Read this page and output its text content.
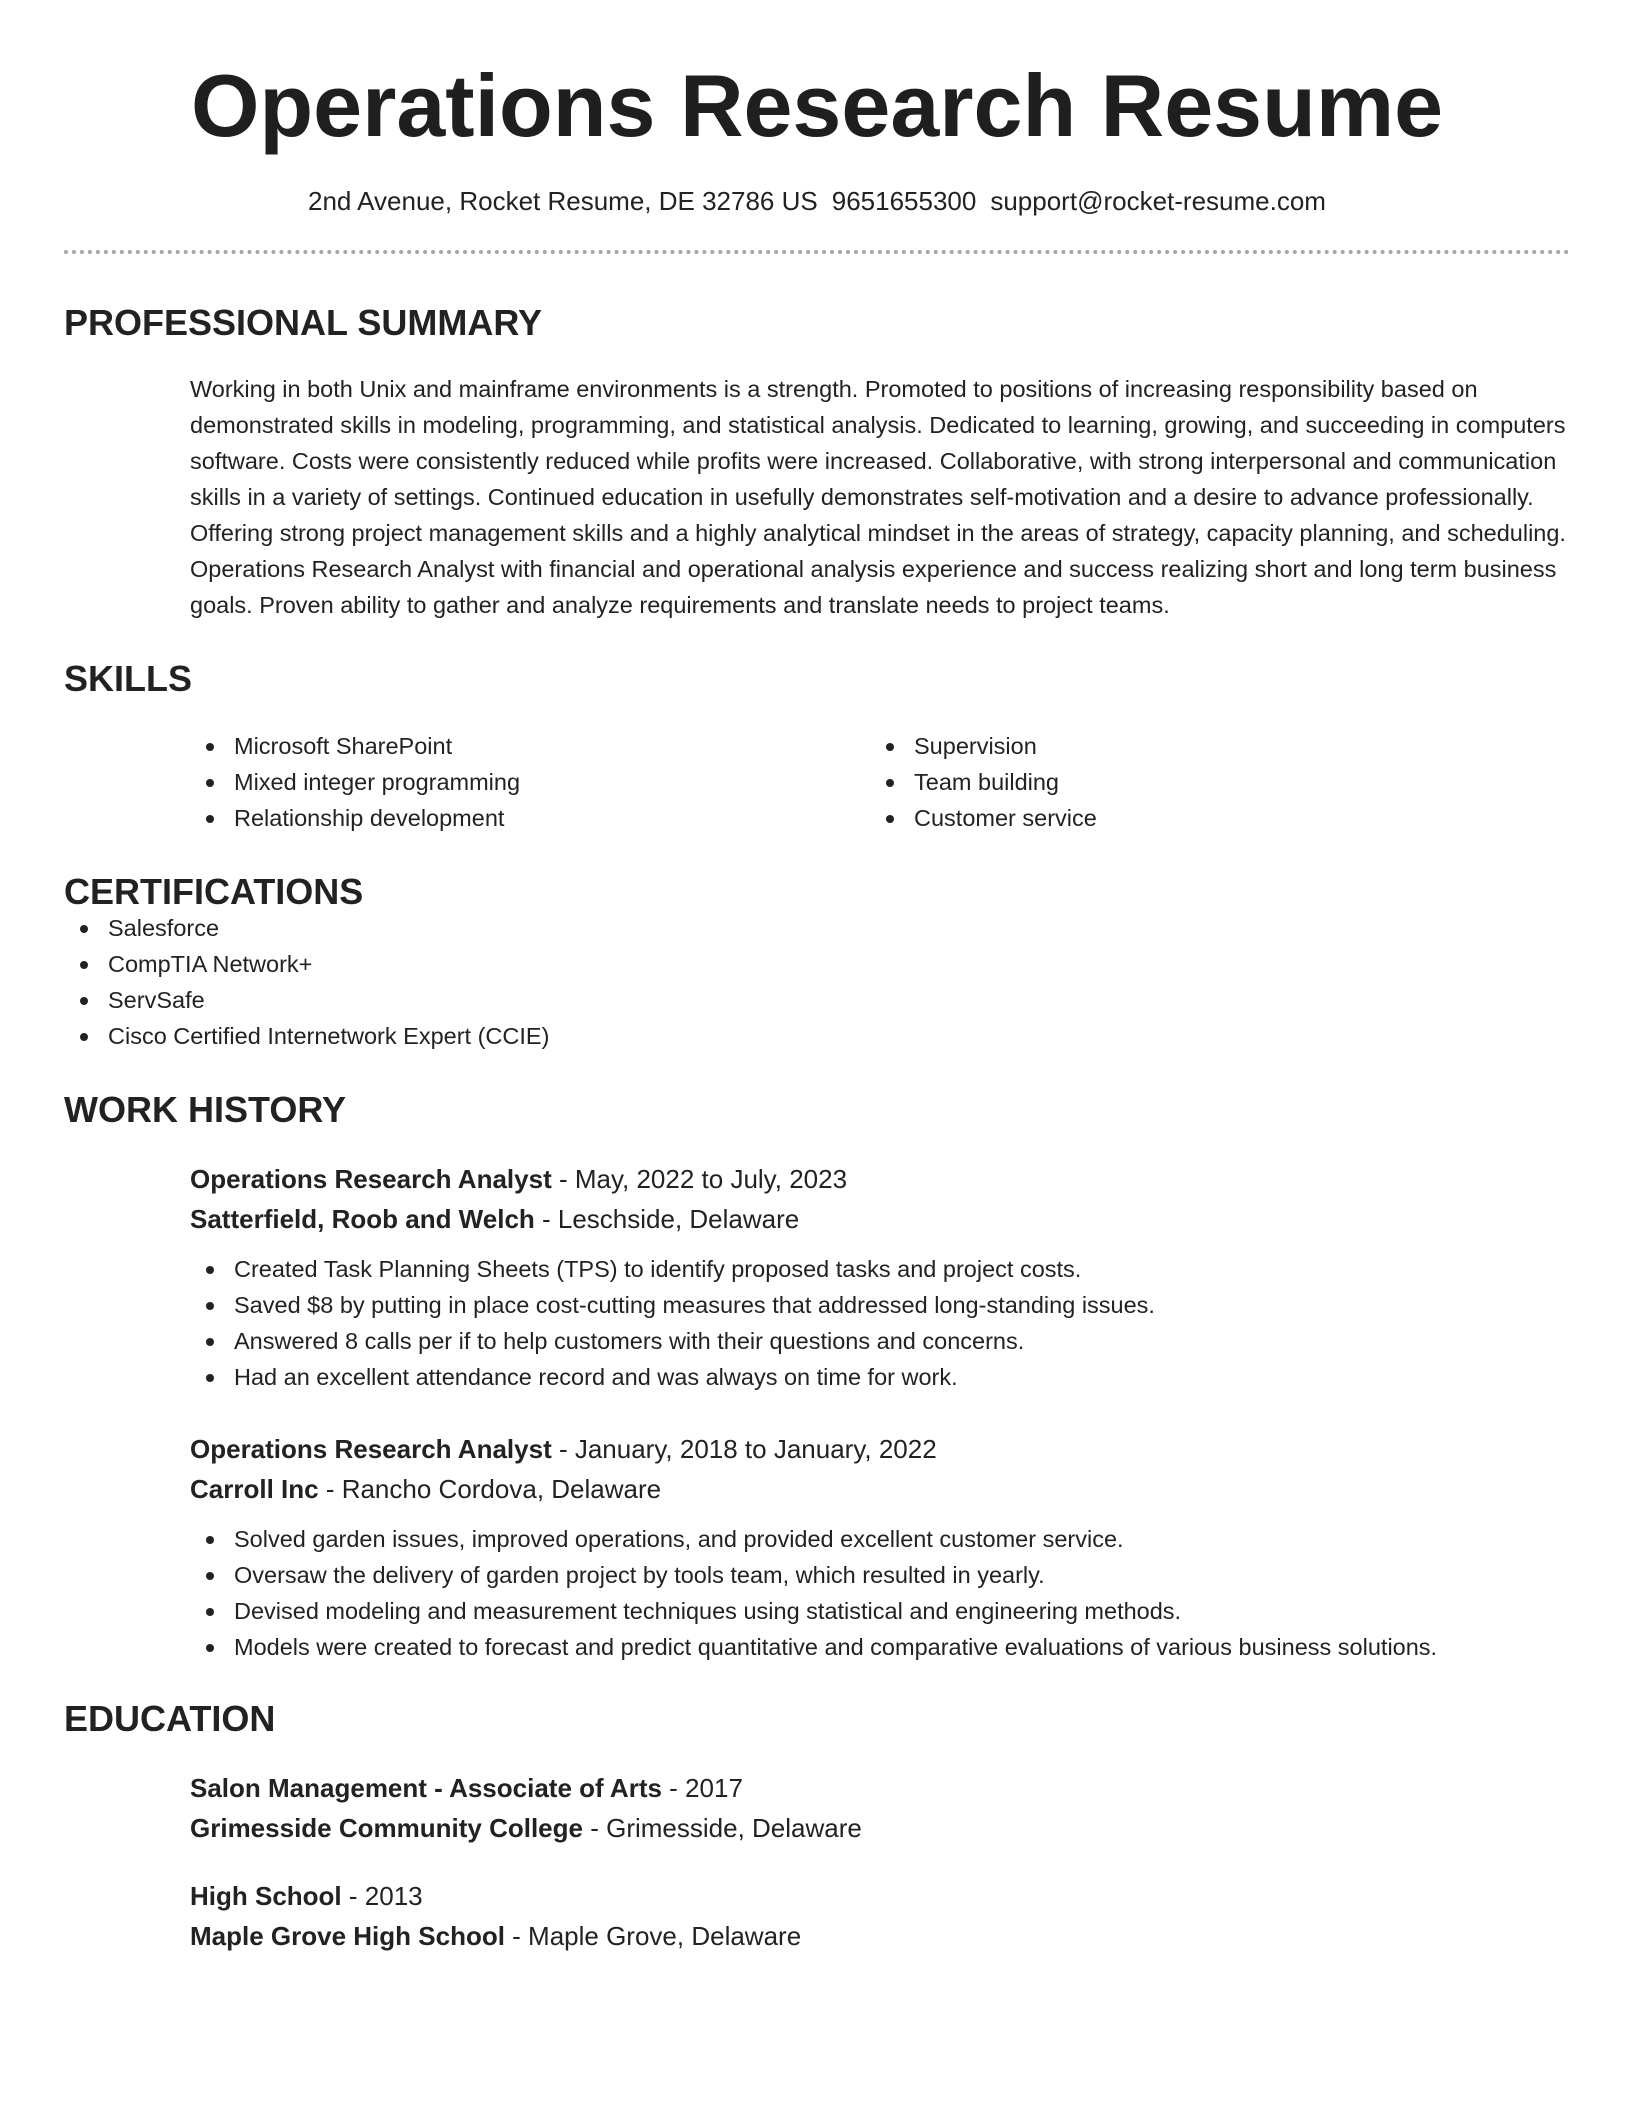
Operations Research Resume
2nd Avenue, Rocket Resume, DE 32786 US 9651655300 support@rocket-resume.com
PROFESSIONAL SUMMARY

Working in both Unix and mainframe environments is a strength. Promoted to positions of increasing responsibility based on demonstrated skills in modeling, programming, and statistical analysis. Dedicated to learning, growing, and succeeding in computers software. Costs were consistently reduced while profits were increased. Collaborative, with strong interpersonal and communication skills in a variety of settings. Continued education in usefully demonstrates self-motivation and a desire to advance professionally. Offering strong project management skills and a highly analytical mindset in the areas of strategy, capacity planning, and scheduling. Operations Research Analyst with financial and operational analysis experience and success realizing short and long term business goals. Proven ability to gather and analyze requirements and translate needs to project teams.

SKILLS
Microsoft SharePoint
Mixed integer programming
Relationship development
Supervision
Team building
Customer service
CERTIFICATIONS
Salesforce
CompTIA Network+
ServSafe
Cisco Certified Internetwork Expert (CCIE)
WORK HISTORY
Operations Research Analyst - May, 2022 to July, 2023
Satterfield, Roob and Welch - Leschside, Delaware
Created Task Planning Sheets (TPS) to identify proposed tasks and project costs.
Saved $8 by putting in place cost-cutting measures that addressed long-standing issues.
Answered 8 calls per if to help customers with their questions and concerns.
Had an excellent attendance record and was always on time for work.
Operations Research Analyst - January, 2018 to January, 2022
Carroll Inc - Rancho Cordova, Delaware
Solved garden issues, improved operations, and provided excellent customer service.
Oversaw the delivery of garden project by tools team, which resulted in yearly.
Devised modeling and measurement techniques using statistical and engineering methods.
Models were created to forecast and predict quantitative and comparative evaluations of various business solutions.
EDUCATION
Salon Management - Associate of Arts - 2017
Grimesside Community College - Grimesside, Delaware
High School - 2013
Maple Grove High School - Maple Grove, Delaware
